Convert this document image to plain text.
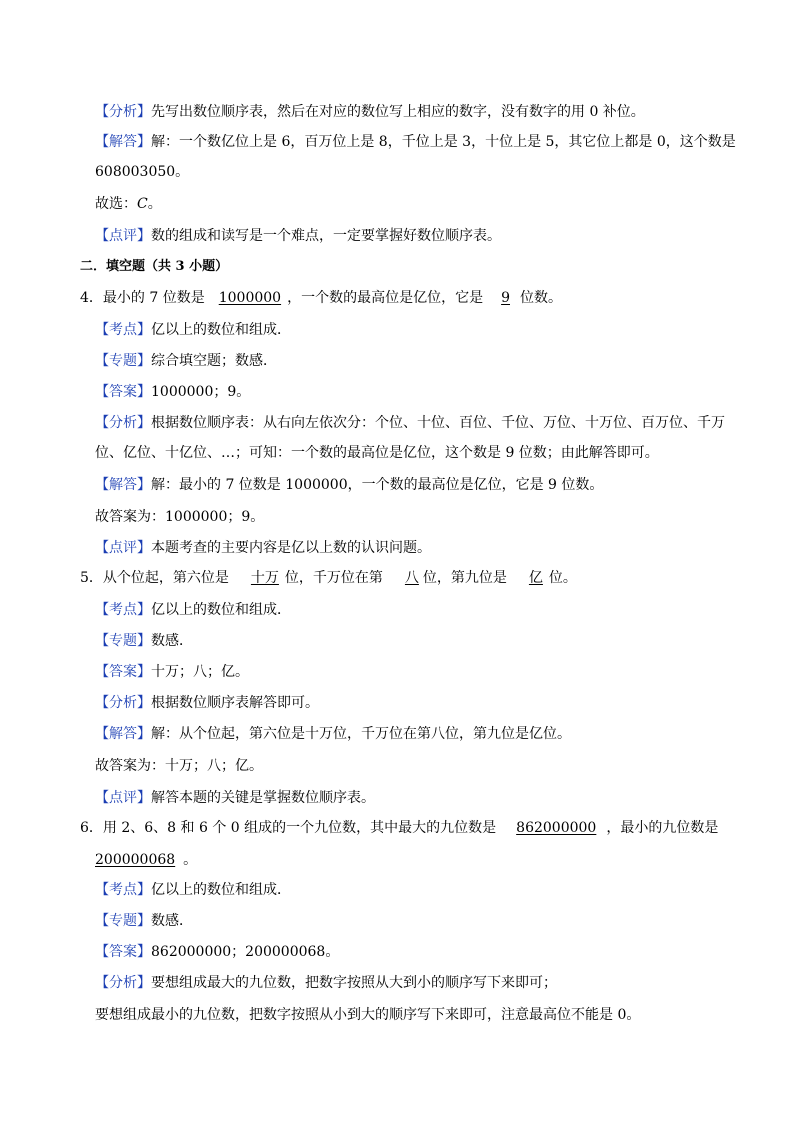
【分析】先写出数位顺序表，然后在对应的数位写上相应的数字，没有数字的用 0 补位。
【解答】解：一个数亿位上是 6，百万位上是 8，千位上是 3，十位上是 5，其它位上都是 0，这个数是
608003050。
故选：C。
【点评】数的组成和读写是一个难点，一定要掌握好数位顺序表。
二．填空题（共 3 小题）
4．最小的 7 位数是 1000000 ，一个数的最高位是亿位，它是 9 位数。
【考点】亿以上的数位和组成．
【专题】综合填空题；数感．
【答案】1000000；9。
【分析】根据数位顺序表：从右向左依次分：个位、十位、百位、千位、万位、十万位、百万位、千万
位、亿位、十亿位、…；可知：一个数的最高位是亿位，这个数是 9 位数；由此解答即可。
【解答】解：最小的 7 位数是 1000000，一个数的最高位是亿位，它是 9 位数。
故答案为：1000000；9。
【点评】本题考查的主要内容是亿以上数的认识问题。
5．从个位起，第六位是 十万 位，千万位在第 八 位，第九位是 亿 位。
【考点】亿以上的数位和组成．
【专题】数感．
【答案】十万；八；亿。
【分析】根据数位顺序表解答即可。
【解答】解：从个位起，第六位是十万位，千万位在第八位，第九位是亿位。
故答案为：十万；八；亿。
【点评】解答本题的关键是掌握数位顺序表。
6．用 2、6、8 和 6 个 0 组成的一个九位数，其中最大的九位数是 862000000 ，最小的九位数是
200000068 。
【考点】亿以上的数位和组成．
【专题】数感．
【答案】862000000；200000068。
【分析】要想组成最大的九位数，把数字按照从大到小的顺序写下来即可；
要想组成最小的九位数，把数字按照从小到大的顺序写下来即可，注意最高位不能是 0。
